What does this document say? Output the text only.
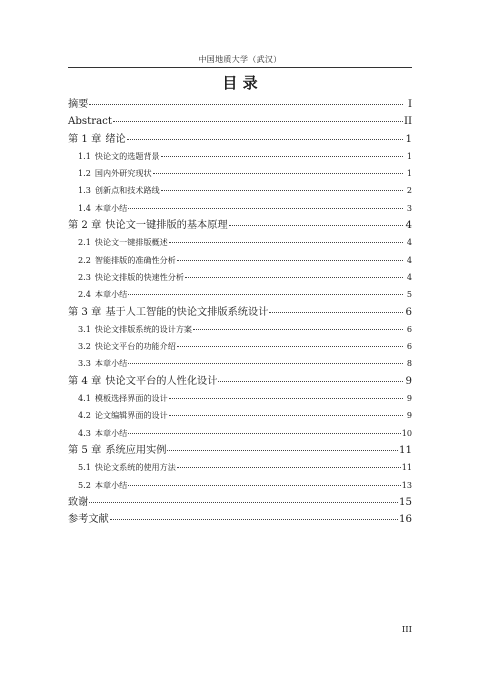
中国地质大学（武汉）
目 录
摘要	I
Abstract	II
第 1 章 绪论	1
1.1 快论文的选题背景	1
1.2 国内外研究现状	1
1.3 创新点和技术路线	2
1.4 本章小结	3
第 2 章 快论文一键排版的基本原理	4
2.1 快论文一键排版概述	4
2.2 智能排版的准确性分析	4
2.3 快论文排版的快速性分析	4
2.4 本章小结	5
第 3 章 基于人工智能的快论文排版系统设计	6
3.1 快论文排版系统的设计方案	6
3.2 快论文平台的功能介绍	6
3.3 本章小结	8
第 4 章 快论文平台的人性化设计	9
4.1 模板选择界面的设计	9
4.2 论文编辑界面的设计	9
4.3 本章小结	10
第 5 章 系统应用实例	11
5.1 快论文系统的使用方法	11
5.2 本章小结	13
致谢	15
参考文献	16
III
